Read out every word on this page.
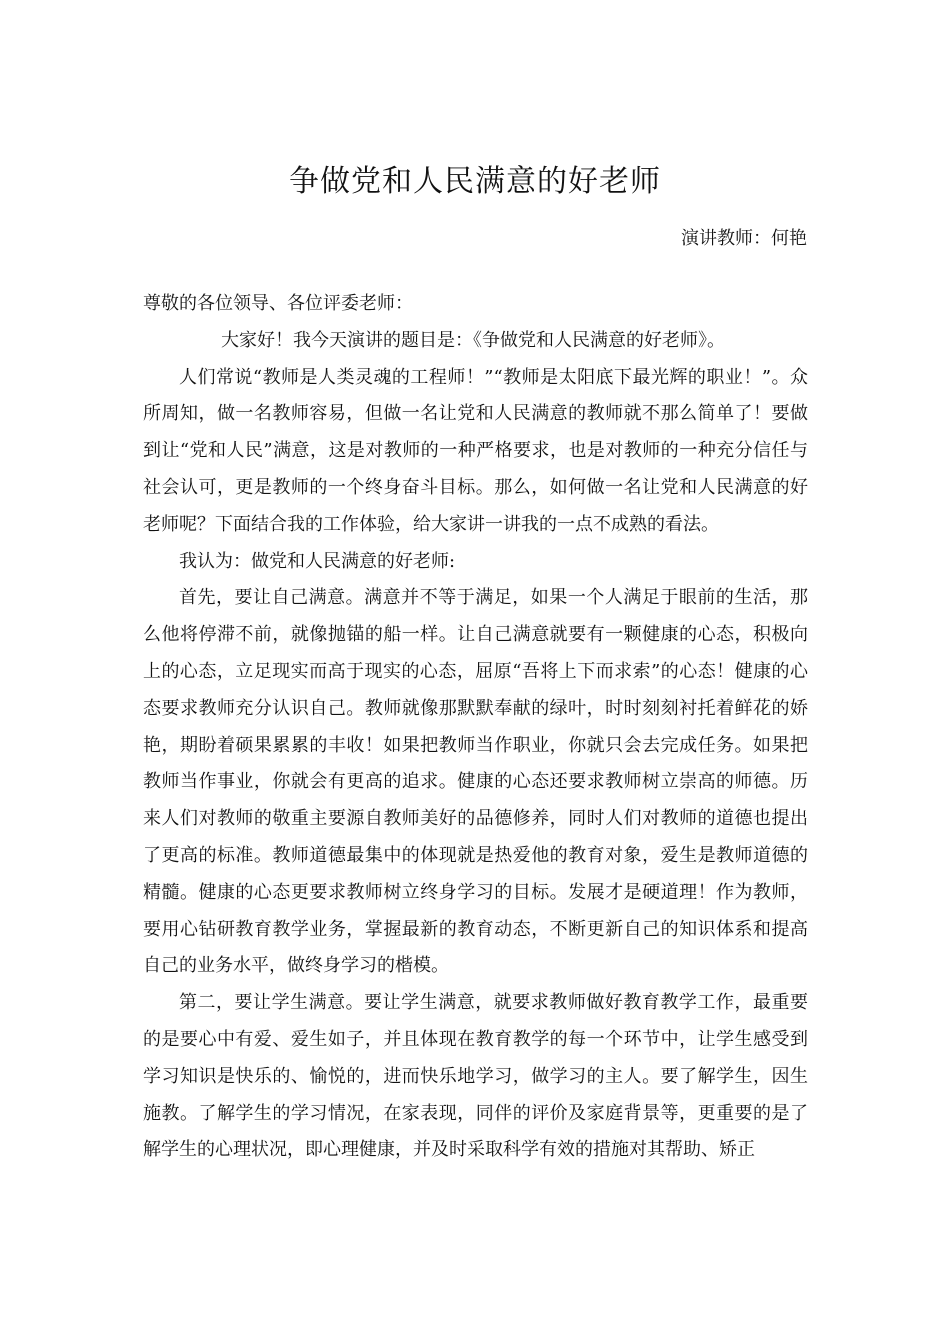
争做党和人民满意的好老师
演讲教师：何艳

尊敬的各位领导、各位评委老师：

大家好！我今天演讲的题目是：《争做党和人民满意的好老师》。

人们常说“教师是人类灵魂的工程师！”“教师是太阳底下最光辉的职业！”。众所周知，做一名教师容易，但做一名让党和人民满意的教师就不那么简单了！要做到让“党和人民”满意，这是对教师的一种严格要求，也是对教师的一种充分信任与社会认可，更是教师的一个终身奋斗目标。那么，如何做一名让党和人民满意的好老师呢？下面结合我的工作体验，给大家讲一讲我的一点不成熟的看法。

我认为：做党和人民满意的好老师:

首先，要让自己满意。满意并不等于满足，如果一个人满足于眼前的生活，那么他将停滞不前，就像抛锚的船一样。让自己满意就要有一颗健康的心态，积极向上的心态，立足现实而高于现实的心态，屈原“吾将上下而求索”的心态！健康的心态要求教师充分认识自己。教师就像那默默奉献的绿叶，时时刻刻衬托着鲜花的娇艳，期盼着硕果累累的丰收！如果把教师当作职业，你就只会去完成任务。如果把教师当作事业，你就会有更高的追求。健康的心态还要求教师树立崇高的师德。历来人们对教师的敬重主要源自教师美好的品德修养，同时人们对教师的道德也提出了更高的标准。教师道德最集中的体现就是热爱他的教育对象，爱生是教师道德的精髓。健康的心态更要求教师树立终身学习的目标。发展才是硬道理！作为教师，要用心钻研教育教学业务，掌握最新的教育动态，不断更新自己的知识体系和提高自己的业务水平，做终身学习的楷模。

第二，要让学生满意。要让学生满意，就要求教师做好教育教学工作，最重要的是要心中有爱、爱生如子，并且体现在教育教学的每一个环节中，让学生感受到学习知识是快乐的、愉悦的，进而快乐地学习，做学习的主人。要了解学生，因生施教。了解学生的学习情况，在家表现，同伴的评价及家庭背景等，更重要的是了解学生的心理状况，即心理健康，并及时采取科学有效的措施对其帮助、矫正
